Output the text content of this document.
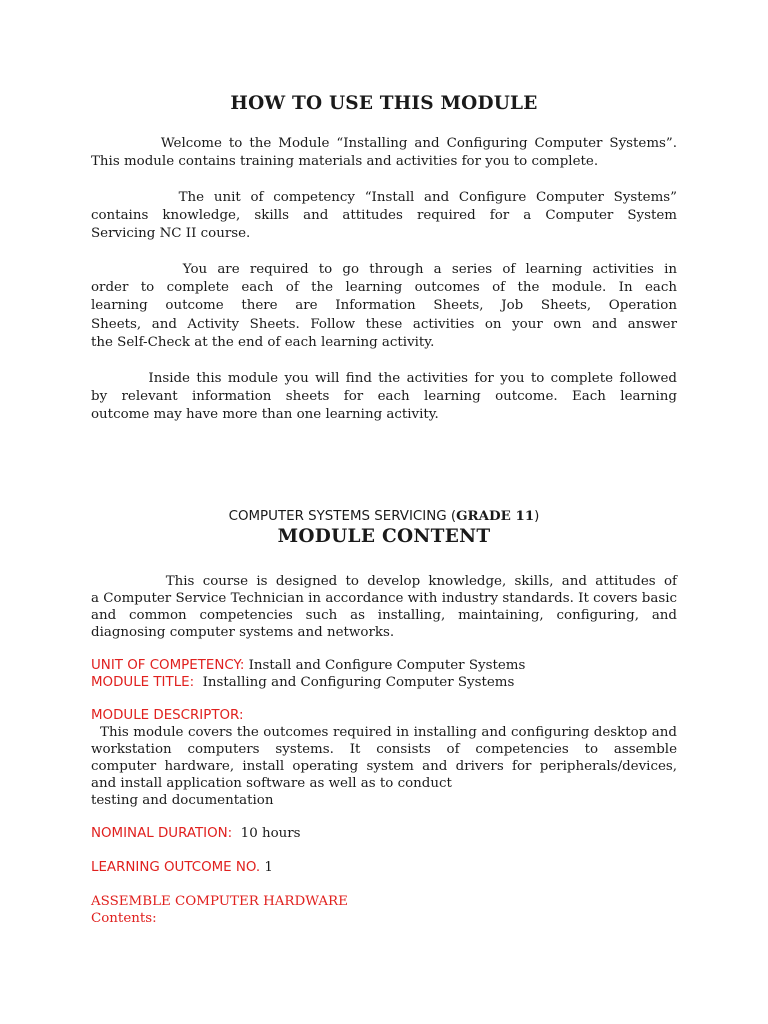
HOW TO USE THIS MODULE
Welcome to the Module “Installing and Configuring Computer Systems”.
This module contains training materials and activities for you to complete.
The unit of competency “Install and Configure Computer Systems”
contains knowledge, skills and attitudes required for a Computer System
Servicing NC II course.
You are required to go through a series of learning activities in
order to complete each of the learning outcomes of the module. In each
learning outcome there are Information Sheets, Job Sheets, Operation
Sheets, and Activity Sheets. Follow these activities on your own and answer
the Self-Check at the end of each learning activity.
Inside this module you will find the activities for you to complete followed
by relevant information sheets for each learning outcome. Each learning
outcome may have more than one learning activity.

COMPUTER SYSTEMS SERVICING (GRADE 11)

MODULE CONTENT
This course is designed to develop knowledge, skills, and attitudes of
a Computer Service Technician in accordance with industry standards. It covers basic
and common competencies such as installing, maintaining, configuring, and
diagnosing computer systems and networks.

UNIT OF COMPETENCY: Install and Configure Computer Systems

MODULE TITLE:  Installing and Configuring Computer Systems

MODULE DESCRIPTOR:

This module covers the outcomes required in installing and configuring desktop and
workstation computers systems. It consists of competencies to assemble
computer hardware, install operating system and drivers for peripherals/devices,
and install application software as well as to conduct
testing and documentation

NOMINAL DURATION:  10 hours

LEARNING OUTCOME NO. 1

ASSEMBLE COMPUTER HARDWARE

Contents:
